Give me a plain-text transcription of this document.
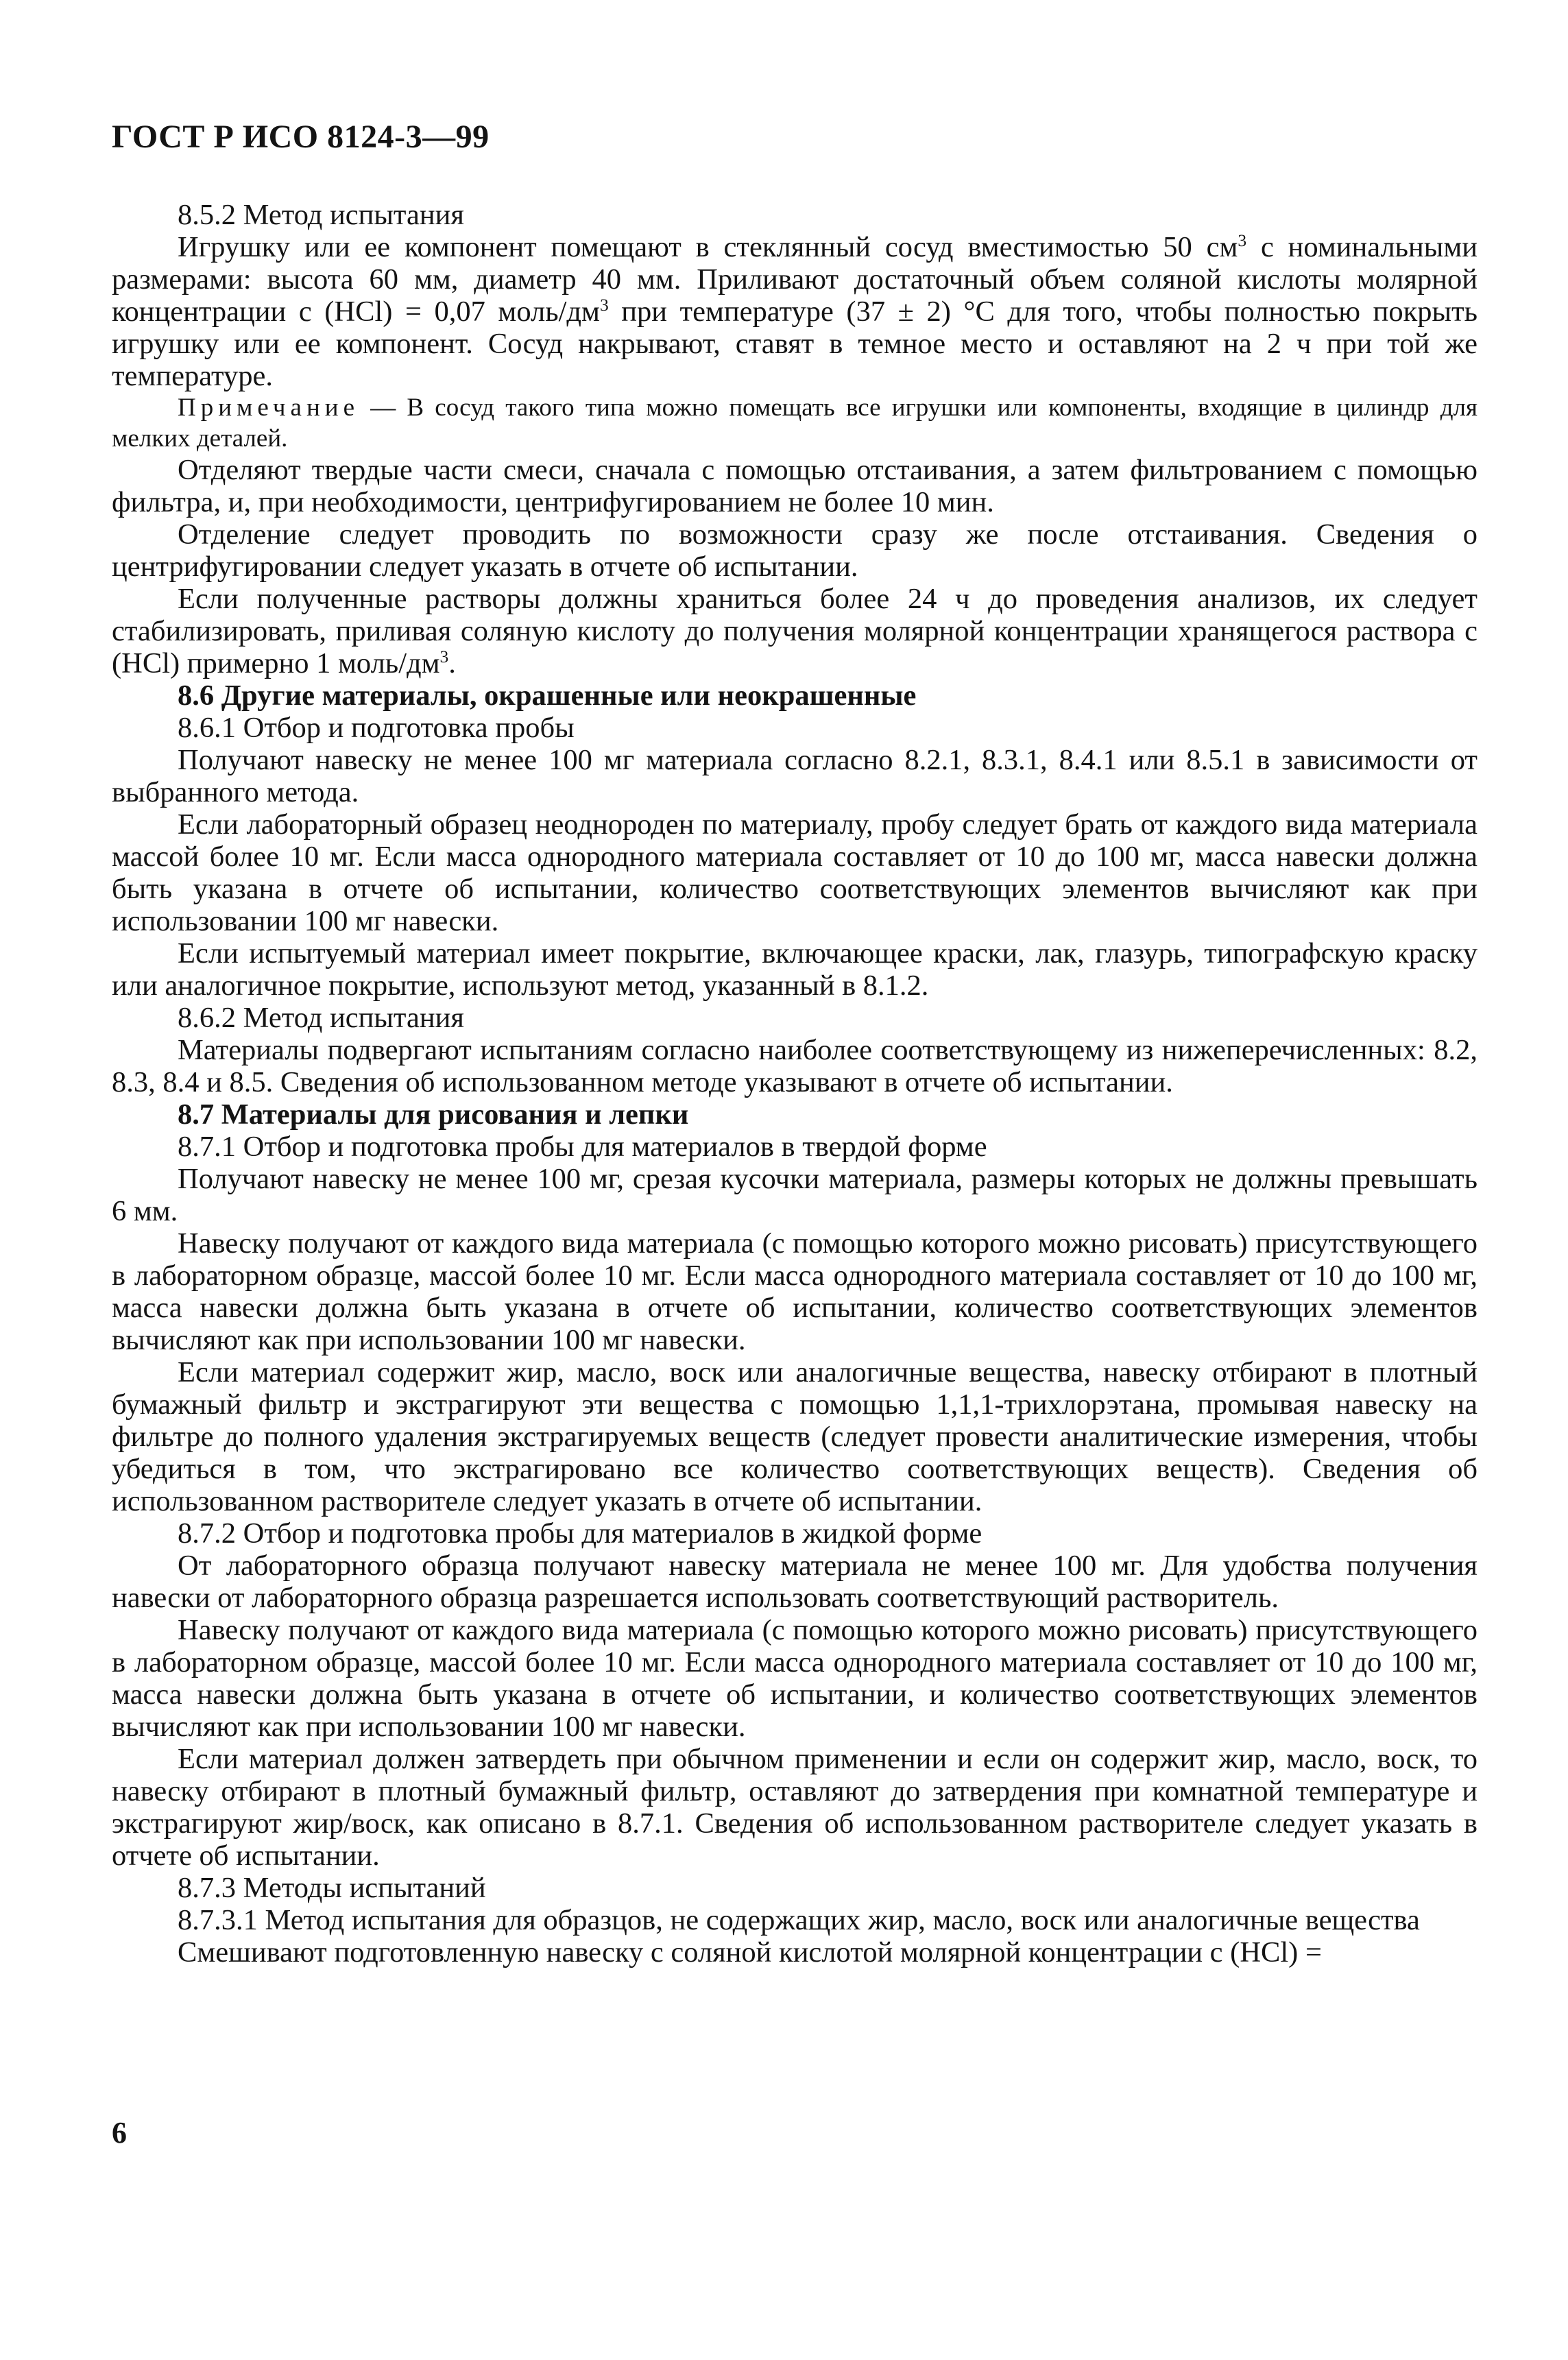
ГОСТ Р ИСО 8124-3—99

8.5.2 Метод испытания

Игрушку или ее компонент помещают в стеклянный сосуд вместимостью 50 $см^3$ с номинальными размерами: высота 60 мм, диаметр 40 мм. Приливают достаточный объем соляной кислоты молярной концентрации c (HCl) = 0,07 моль/$дм^3$ при температуре (37 ± 2) °C для того, чтобы полностью покрыть игрушку или ее компонент. Сосуд накрывают, ставят в темное место и оставляют на 2 ч при той же температуре.

Примечание — В сосуд такого типа можно помещать все игрушки или компоненты, входящие в цилиндр для мелких деталей.

Отделяют твердые части смеси, сначала с помощью отстаивания, а затем фильтрованием с помощью фильтра, и, при необходимости, центрифугированием не более 10 мин.

Отделение следует проводить по возможности сразу же после отстаивания. Сведения о центрифугировании следует указать в отчете об испытании.

Если полученные растворы должны храниться более 24 ч до проведения анализов, их следует стабилизировать, приливая соляную кислоту до получения молярной концентрации хранящегося раствора c (HCl) примерно 1 моль/$дм^3$.

8.6 Другие материалы, окрашенные или неокрашенные

8.6.1 Отбор и подготовка пробы

Получают навеску не менее 100 мг материала согласно 8.2.1, 8.3.1, 8.4.1 или 8.5.1 в зависимости от выбранного метода.

Если лабораторный образец неоднороден по материалу, пробу следует брать от каждого вида материала массой более 10 мг. Если масса однородного материала составляет от 10 до 100 мг, масса навески должна быть указана в отчете об испытании, количество соответствующих элементов вычисляют как при использовании 100 мг навески.

Если испытуемый материал имеет покрытие, включающее краски, лак, глазурь, типографскую краску или аналогичное покрытие, используют метод, указанный в 8.1.2.

8.6.2 Метод испытания

Материалы подвергают испытаниям согласно наиболее соответствующему из нижеперечисленных: 8.2, 8.3, 8.4 и 8.5. Сведения об использованном методе указывают в отчете об испытании.

8.7 Материалы для рисования и лепки

8.7.1 Отбор и подготовка пробы для материалов в твердой форме

Получают навеску не менее 100 мг, срезая кусочки материала, размеры которых не должны превышать 6 мм.

Навеску получают от каждого вида материала (с помощью которого можно рисовать) присутствующего в лабораторном образце, массой более 10 мг. Если масса однородного материала составляет от 10 до 100 мг, масса навески должна быть указана в отчете об испытании, количество соответствующих элементов вычисляют как при использовании 100 мг навески.

Если материал содержит жир, масло, воск или аналогичные вещества, навеску отбирают в плотный бумажный фильтр и экстрагируют эти вещества с помощью 1,1,1-трихлорэтана, промывая навеску на фильтре до полного удаления экстрагируемых веществ (следует провести аналитические измерения, чтобы убедиться в том, что экстрагировано все количество соответствующих веществ). Сведения об использованном растворителе следует указать в отчете об испытании.

8.7.2 Отбор и подготовка пробы для материалов в жидкой форме

От лабораторного образца получают навеску материала не менее 100 мг. Для удобства получения навески от лабораторного образца разрешается использовать соответствующий растворитель.

Навеску получают от каждого вида материала (с помощью которого можно рисовать) присутствующего в лабораторном образце, массой более 10 мг. Если масса однородного материала составляет от 10 до 100 мг, масса навески должна быть указана в отчете об испытании, и количество соответствующих элементов вычисляют как при использовании 100 мг навески.

Если материал должен затвердеть при обычном применении и если он содержит жир, масло, воск, то навеску отбирают в плотный бумажный фильтр, оставляют до затвердения при комнатной температуре и экстрагируют жир/воск, как описано в 8.7.1. Сведения об использованном растворителе следует указать в отчете об испытании.

8.7.3 Методы испытаний

8.7.3.1 Метод испытания для образцов, не содержащих жир, масло, воск или аналогичные вещества

Смешивают подготовленную навеску с соляной кислотой молярной концентрации c (HCl) =

6
